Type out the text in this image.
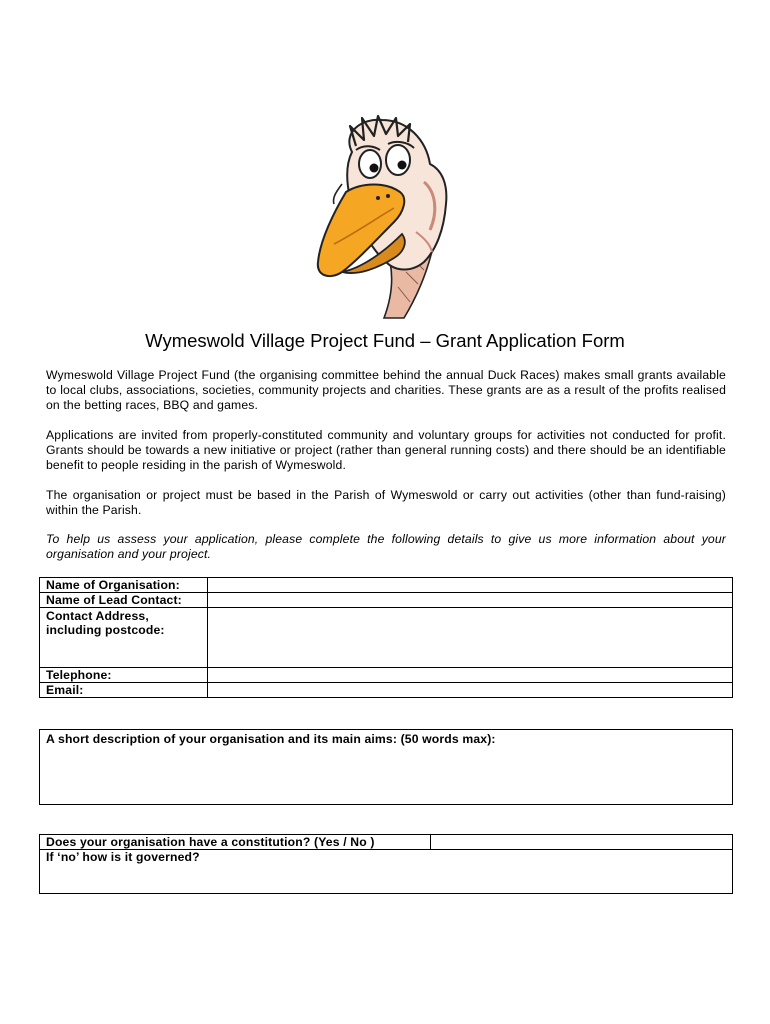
Wymeswold Village Project Fund – Grant Application Form
Wymeswold Village Project Fund (the organising committee behind the annual Duck Races) makes small grants available to local clubs, associations, societies, community projects and charities. These grants are as a result of the profits realised on the betting races, BBQ and games.
Applications are invited from properly-constituted community and voluntary groups for activities not conducted for profit. Grants should be towards a new initiative or project (rather than general running costs) and there should be an identifiable benefit to people residing in the parish of Wymeswold.
The organisation or project must be based in the Parish of Wymeswold or carry out activities (other than fund-raising) within the Parish.
To help us assess your application, please complete the following details to give us more information about your organisation and your project.
Name of Organisation:	
Name of Lead Contact:	
Contact Address, including postcode:	
Telephone:	
Email:	
A short description of your organisation and its main aims: (50 words max):
Does your organisation have a constitution? (Yes / No )	
If ‘no’ how is it governed?
